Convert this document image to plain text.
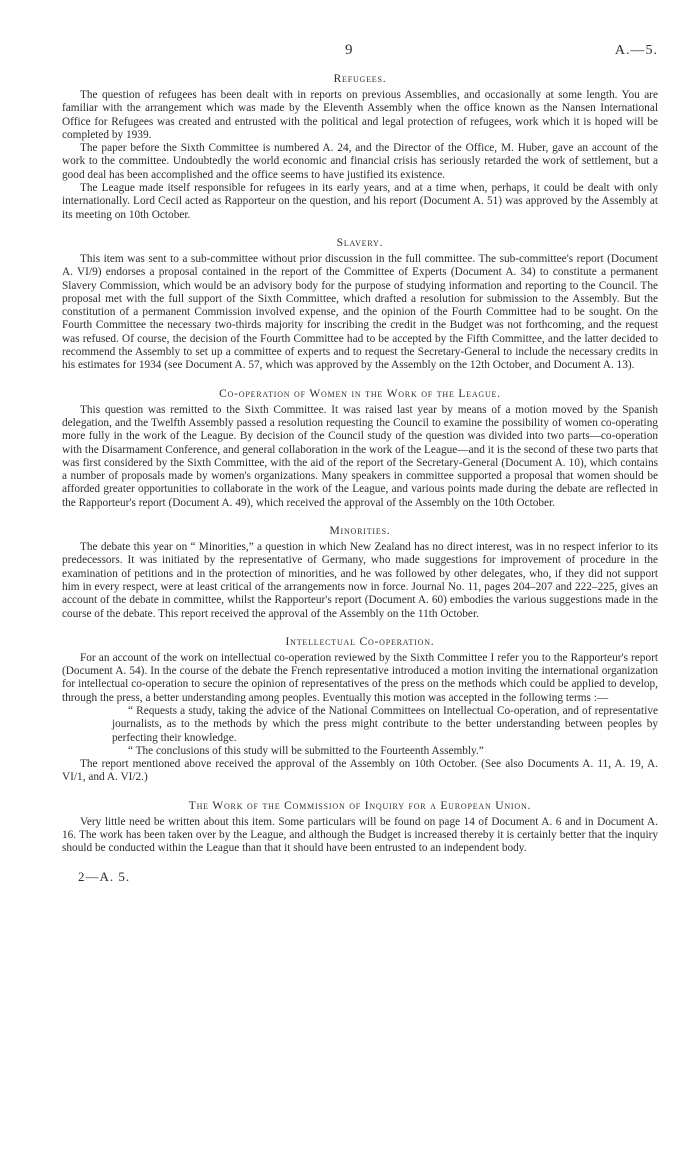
9	A.—5.
Refugees.

The question of refugees has been dealt with in reports on previous Assemblies, and occasionally at some length. You are familiar with the arrangement which was made by the Eleventh Assembly when the office known as the Nansen International Office for Refugees was created and entrusted with the political and legal protection of refugees, work which it is hoped will be completed by 1939.

The paper before the Sixth Committee is numbered A. 24, and the Director of the Office, M. Huber, gave an account of the work to the committee. Undoubtedly the world economic and financial crisis has seriously retarded the work of settlement, but a good deal has been accomplished and the office seems to have justified its existence.

The League made itself responsible for refugees in its early years, and at a time when, perhaps, it could be dealt with only internationally. Lord Cecil acted as Rapporteur on the question, and his report (Document A. 51) was approved by the Assembly at its meeting on 10th October.

Slavery.

This item was sent to a sub-committee without prior discussion in the full committee. The sub-committee's report (Document A. VI/9) endorses a proposal contained in the report of the Committee of Experts (Document A. 34) to constitute a permanent Slavery Commission, which would be an advisory body for the purpose of studying information and reporting to the Council. The proposal met with the full support of the Sixth Committee, which drafted a resolution for submission to the Assembly. But the constitution of a permanent Commission involved expense, and the opinion of the Fourth Committee had to be sought. On the Fourth Committee the necessary two-thirds majority for inscribing the credit in the Budget was not forthcoming, and the request was refused. Of course, the decision of the Fourth Committee had to be accepted by the Fifth Committee, and the latter decided to recommend the Assembly to set up a committee of experts and to request the Secretary-General to include the necessary credits in his estimates for 1934 (see Document A. 57, which was approved by the Assembly on the 12th October, and Document A. 13).

Co-operation of Women in the Work of the League.

This question was remitted to the Sixth Committee. It was raised last year by means of a motion moved by the Spanish delegation, and the Twelfth Assembly passed a resolution requesting the Council to examine the possibility of women co-operating more fully in the work of the League. By decision of the Council study of the question was divided into two parts—co-operation with the Disarmament Conference, and general collaboration in the work of the League—and it is the second of these two parts that was first considered by the Sixth Committee, with the aid of the report of the Secretary-General (Document A. 10), which contains a number of proposals made by women's organizations. Many speakers in committee supported a proposal that women should be afforded greater opportunities to collaborate in the work of the League, and various points made during the debate are reflected in the Rapporteur's report (Document A. 49), which received the approval of the Assembly on the 10th October.

Minorities.

The debate this year on “ Minorities,” a question in which New Zealand has no direct interest, was in no respect inferior to its predecessors. It was initiated by the representative of Germany, who made suggestions for improvement of procedure in the examination of petitions and in the protection of minorities, and he was followed by other delegates, who, if they did not support him in every respect, were at least critical of the arrangements now in force. Journal No. 11, pages 204–207 and 222–225, gives an account of the debate in committee, whilst the Rapporteur's report (Document A. 60) embodies the various suggestions made in the course of the debate. This report received the approval of the Assembly on the 11th October.

Intellectual Co-operation.

For an account of the work on intellectual co-operation reviewed by the Sixth Committee I refer you to the Rapporteur's report (Document A. 54). In the course of the debate the French representative introduced a motion inviting the international organization for intellectual co-operation to secure the opinion of representatives of the press on the methods which could be applied to develop, through the press, a better understanding among peoples. Eventually this motion was accepted in the following terms :—

“ Requests a study, taking the advice of the National Committees on Intellectual Co-operation, and of representative journalists, as to the methods by which the press might contribute to the better understanding between peoples by perfecting their knowledge.

“ The conclusions of this study will be submitted to the Fourteenth Assembly.”

The report mentioned above received the approval of the Assembly on 10th October. (See also Documents A. 11, A. 19, A. VI/1, and A. VI/2.)

The Work of the Commission of Inquiry for a European Union.

Very little need be written about this item. Some particulars will be found on page 14 of Document A. 6 and in Document A. 16. The work has been taken over by the League, and although the Budget is increased thereby it is certainly better that the inquiry should be conducted within the League than that it should have been entrusted to an independent body.

2—A. 5.
